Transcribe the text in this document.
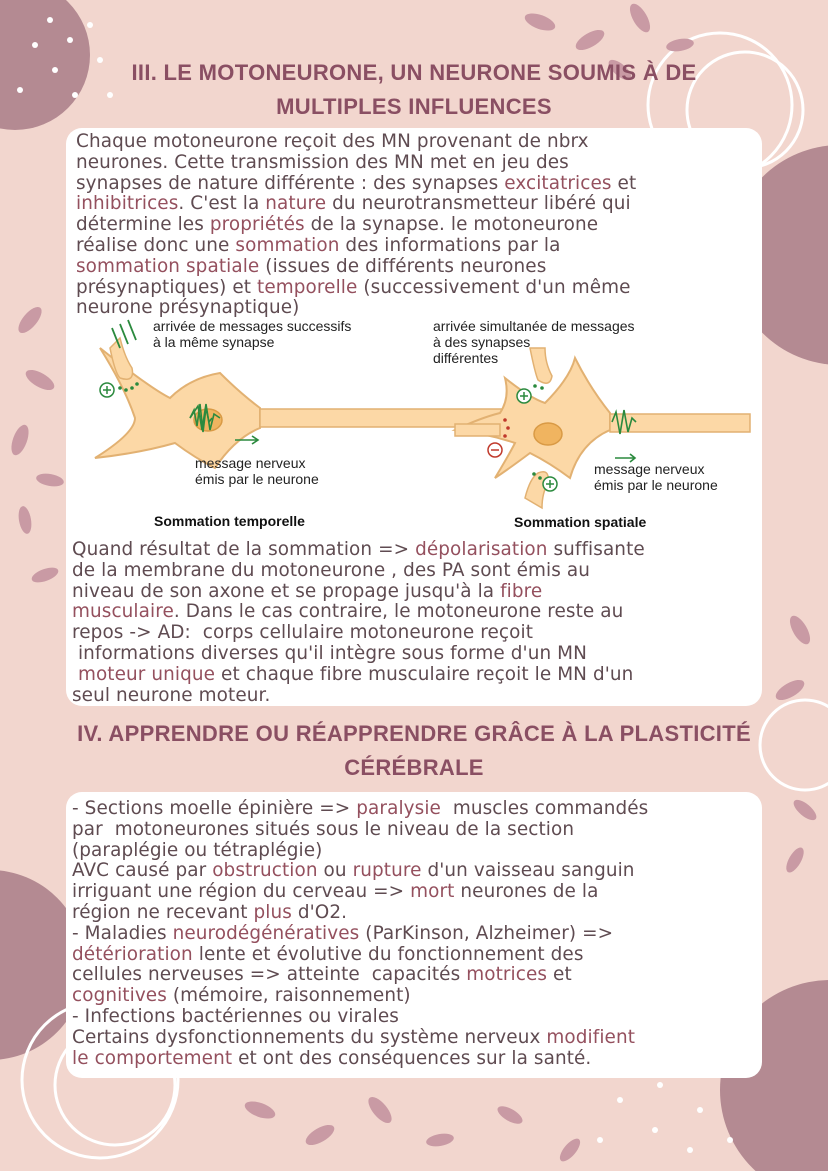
III. LE MOTONEURONE, UN NEURONE SOUMIS À DE
MULTIPLES INFLUENCES
Chaque motoneurone reçoit des MN provenant de nbrx
neurones. Cette transmission des MN met en jeu des
synapses de nature différente : des synapses excitatrices et
inhibitrices. C'est la nature du neurotransmetteur libéré qui
détermine les propriétés de la synapse. le motoneurone
réalise donc une sommation des informations par la
sommation spatiale (issues de différents neurones
présynaptiques) et temporelle (successivement d'un même
neurone présynaptique)
arrivée de messages successifs
à la même synapse
arrivée simultanée de messages
à des synapses
différentes
message nerveux
émis par le neurone
message nerveux
émis par le neurone
Sommation temporelle	Sommation spatiale
Quand résultat de la sommation => dépolarisation suffisante
de la membrane du motoneurone , des PA sont émis au
niveau de son axone et se propage jusqu'à la fibre
musculaire. Dans le cas contraire, le motoneurone reste au
repos -> AD:  corps cellulaire motoneurone reçoit
informations diverses qu'il intègre sous forme d'un MN
moteur unique et chaque fibre musculaire reçoit le MN d'un
seul neurone moteur.
IV. APPRENDRE OU RÉAPPRENDRE GRÂCE À LA PLASTICITÉ
CÉRÉBRALE
- Sections moelle épinière => paralysie  muscles commandés
par  motoneurones situés sous le niveau de la section
(paraplégie ou tétraplégie)
AVC causé par obstruction ou rupture d'un vaisseau sanguin
irriguant une région du cerveau => mort neurones de la
région ne recevant plus d'O2.
- Maladies neurodégénératives (ParKinson, Alzheimer) =>
détérioration lente et évolutive du fonctionnement des
cellules nerveuses => atteinte  capacités motrices et
cognitives (mémoire, raisonnement)
- Infections bactériennes ou virales
Certains dysfonctionnements du système nerveux modifient
le comportement et ont des conséquences sur la santé.
